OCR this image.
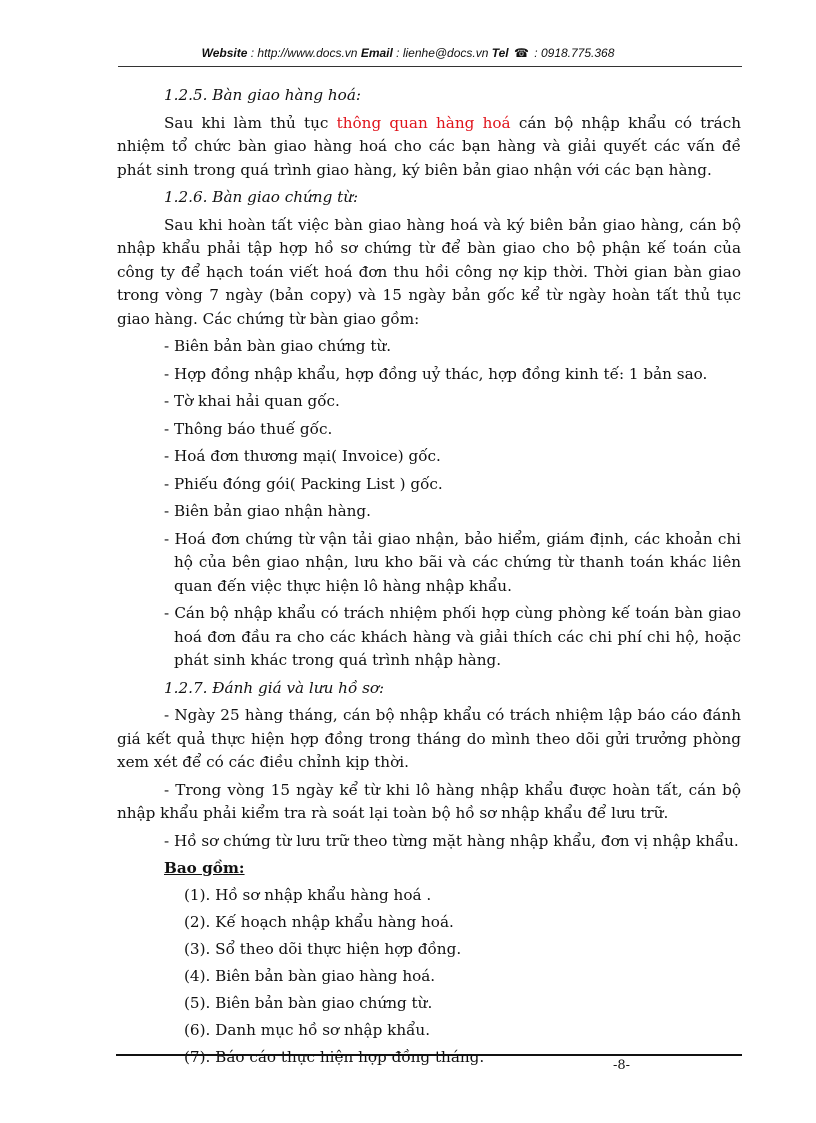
Website : http://www.docs.vn Email : lienhe@docs.vn Tel ☎ : 0918.775.368
1.2.5. Bàn giao hàng hoá:
Sau khi làm thủ tục thông quan hàng hoá cán bộ nhập khẩu có trách nhiệm tổ chức bàn giao hàng hoá cho các bạn hàng và giải quyết các vấn đề phát sinh trong quá trình giao hàng, ký biên bản giao nhận với các bạn hàng.
1.2.6. Bàn giao chứng từ:
Sau khi hoàn tất việc bàn giao hàng hoá và ký biên bản giao hàng, cán bộ nhập khẩu phải tập hợp hồ sơ chứng từ để bàn giao cho bộ phận kế toán của công ty để hạch toán viết hoá đơn thu hồi công nợ kịp thời. Thời gian bàn giao trong vòng 7 ngày (bản copy) và 15 ngày bản gốc kể từ ngày hoàn tất thủ tục giao hàng. Các chứng từ bàn giao gồm:
- Biên bản bàn giao chứng từ.
- Hợp đồng nhập khẩu, hợp đồng uỷ thác, hợp đồng kinh tế: 1 bản sao.
- Tờ khai hải quan gốc.
- Thông báo thuế gốc.
- Hoá đơn thương mại( Invoice) gốc.
- Phiếu đóng gói( Packing List ) gốc.
- Biên bản giao nhận hàng.
- Hoá đơn chứng từ vận tải giao nhận, bảo hiểm, giám định, các khoản chi hộ của bên giao nhận, lưu kho bãi và các chứng từ thanh toán khác liên quan đến việc thực hiện lô hàng nhập khẩu.
- Cán bộ nhập khẩu có trách nhiệm phối hợp cùng phòng kế toán bàn giao hoá đơn đầu ra cho các khách hàng và giải thích các chi phí chi hộ, hoặc phát sinh khác trong quá trình nhập hàng.
1.2.7. Đánh giá và lưu hồ sơ:
- Ngày 25 hàng tháng, cán bộ nhập khẩu có trách nhiệm lập báo cáo đánh giá kết quả thực hiện hợp đồng trong tháng do mình theo dõi gửi trưởng phòng xem xét để có các điều chỉnh kịp thời.
- Trong vòng 15 ngày kể từ khi lô hàng nhập khẩu được hoàn tất, cán bộ nhập khẩu phải kiểm tra rà soát lại toàn bộ hồ sơ nhập khẩu để lưu trữ.
- Hồ sơ chứng từ lưu trữ theo từng mặt hàng nhập khẩu, đơn vị nhập khẩu.
Bao gồm:
(1). Hồ sơ nhập khẩu hàng hoá .
(2). Kế hoạch nhập khẩu hàng hoá.
(3). Sổ theo dõi thực hiện hợp đồng.
(4). Biên bản bàn giao hàng hoá.
(5). Biên bản bàn giao chứng từ.
(6). Danh mục hồ sơ nhập khẩu.
(7). Báo cáo thực hiện hợp đồng tháng.	-8-
